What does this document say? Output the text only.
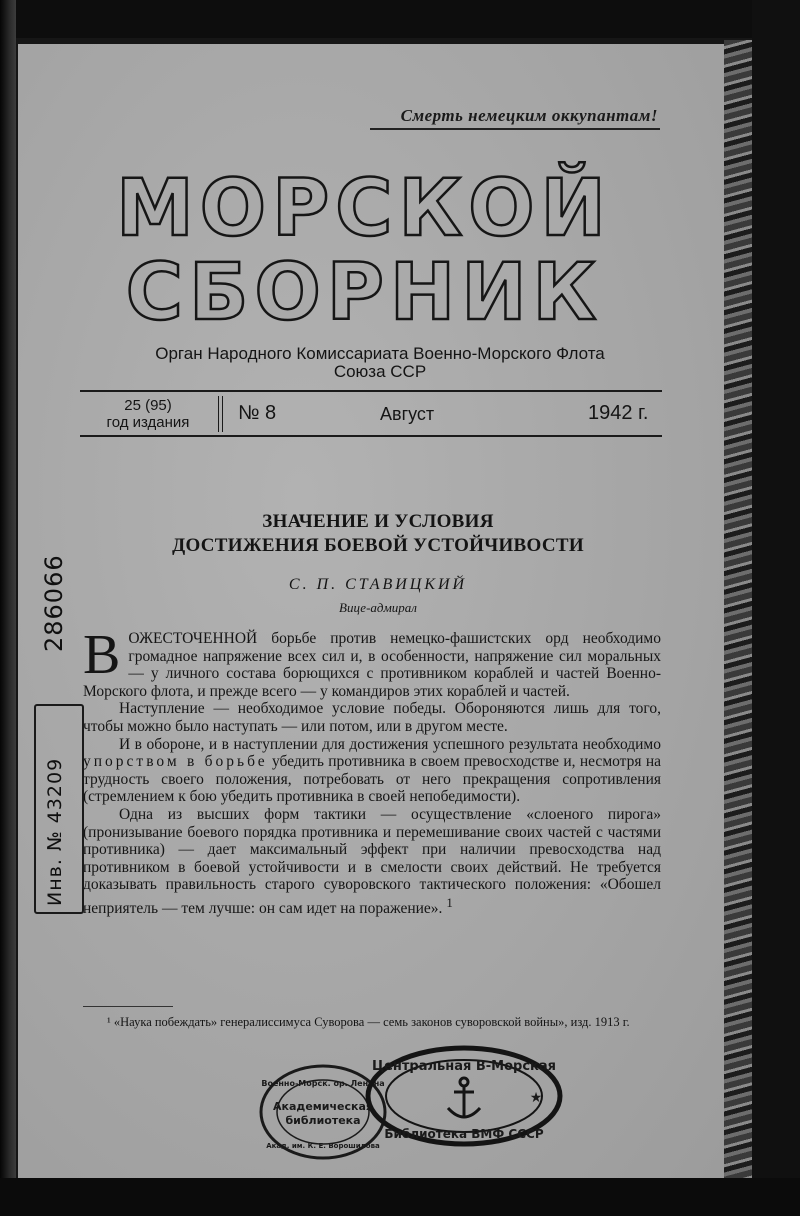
Смерть немецким оккупантам!
МОРСКОЙ
СБОРНИК
Орган Народного Комиссариата Военно-Морского Флота
Союза ССР
25 (95)
год издания	№ 8	Август	1942 г.
ЗНАЧЕНИЕ И УСЛОВИЯ
ДОСТИЖЕНИЯ БОЕВОЙ УСТОЙЧИВОСТИ
С. П. СТАВИЦКИЙ
Вице-адмирал

ВОЖЕСТОЧЕННОЙ борьбе против немецко-фашистских орд необходимо громадное напряжение всех сил и, в особенности, напряжение сил моральных — у личного состава борющихся с противником кораблей и частей Военно-Морского флота, и прежде всего — у командиров этих кораблей и частей.

Наступление — необходимое условие победы. Обороняются лишь для того, чтобы можно было наступать — или потом, или в другом месте.

И в обороне, и в наступлении для достижения успешного результата необходимо упорством в борьбе убедить противника в своем превосходстве и, несмотря на трудность своего положения, потребовать от него прекращения сопротивления (стремлением к бою убедить противника в своей непобедимости).

Одна из высших форм тактики — осуществление «слоеного пирога» (пронизывание боевого порядка противника и перемешивание своих частей с частями противника) — дает максимальный эффект при наличии превосходства над противником в боевой устойчивости и в смелости своих действий. Не требуется доказывать правильность старого суворовского тактического положения: «Обошел неприятель — тем лучше: он сам идет на поражение». $^1$

¹ «Наука побеждать» генералиссимуса Суворова — семь законов суворовской войны», изд. 1913 г.
286066
Инв. № 43209
Военно-Морск. ор. Ленина
Академическая
библиотека
Акад. им. К. Е. Ворошилова
Центральная В-Морская
Библиотека ВМФ СССР
★
